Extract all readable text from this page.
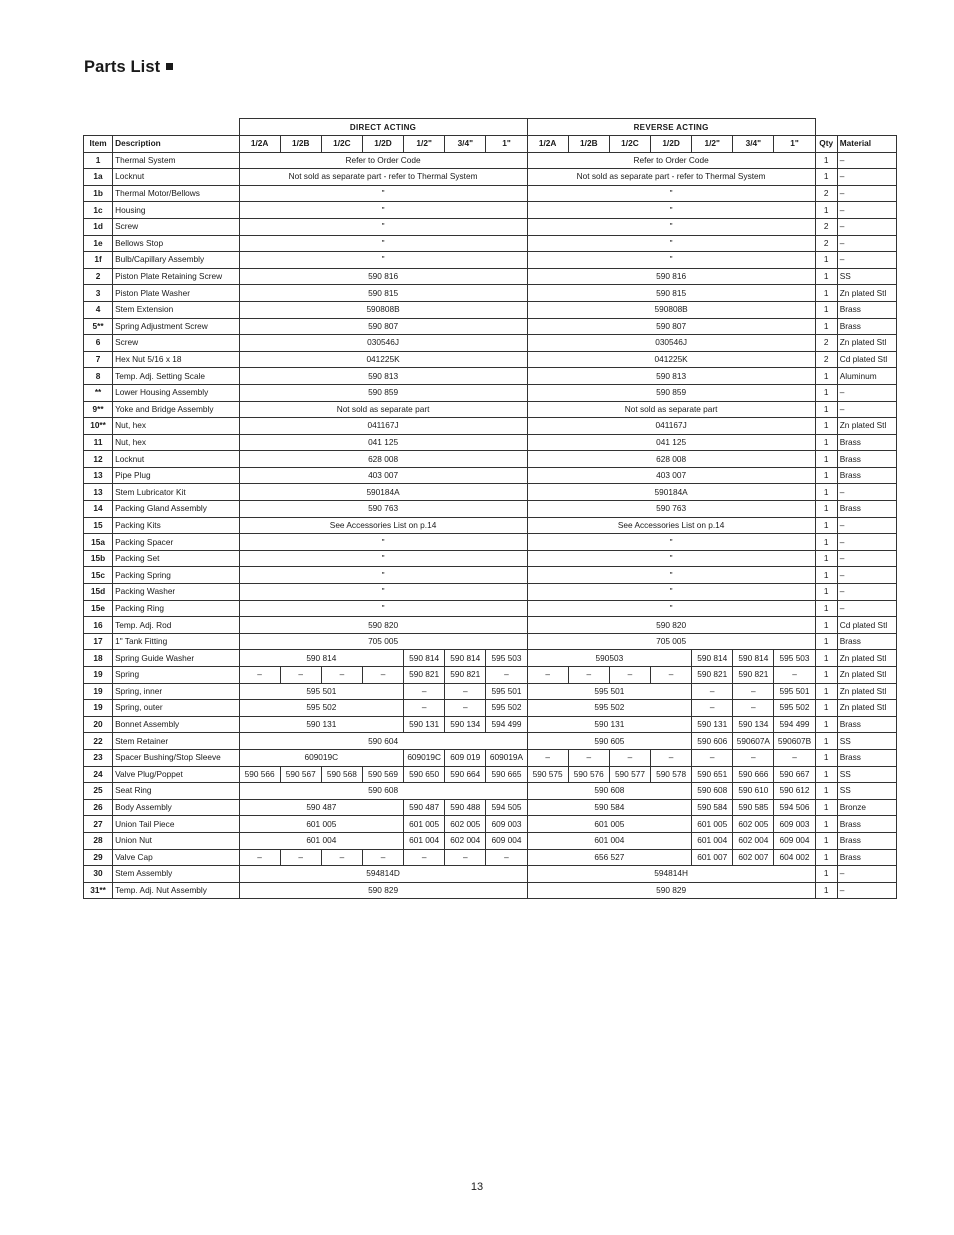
Parts List
		DIRECT ACTING							REVERSE ACTING								
Item	Description	1/2A	1/2B	1/2C	1/2D	1/2"	3/4"	1"	1/2A	1/2B	1/2C	1/2D	1/2"	3/4"	1"	Qty	Material
1	Thermal System	Refer to Order Code							Refer to Order Code							1	–
1a	Locknut	Not sold as separate part - refer to Thermal System							Not sold as separate part - refer to Thermal System							1	–
1b	Thermal Motor/Bellows	"							"							2	–
1c	Housing	"							"							1	–
1d	Screw	"							"							2	–
1e	Bellows Stop	"							"							2	–
1f	Bulb/Capillary Assembly	"							"							1	–
2	Piston Plate Retaining Screw	590 816							590 816							1	SS
3	Piston Plate Washer	590 815							590 815							1	Zn plated Stl
4	Stem Extension	590808B							590808B							1	Brass
5**	Spring Adjustment Screw	590 807							590 807							1	Brass
6	Screw	030546J							030546J							2	Zn plated Stl
7	Hex Nut 5/16 x 18	041225K							041225K							2	Cd plated Stl
8	Temp. Adj. Setting Scale	590 813							590 813							1	Aluminum
**	Lower Housing Assembly	590 859							590 859							1	–
9**	Yoke and Bridge Assembly	Not sold as separate part							Not sold as separate part							1	–
10**	Nut, hex	041167J							041167J							1	Zn plated Stl
11	Nut, hex	041 125							041 125							1	Brass
12	Locknut	628 008							628 008							1	Brass
13	Pipe Plug	403 007							403 007							1	Brass
13	Stem Lubricator Kit	590184A							590184A							1	–
14	Packing Gland Assembly	590 763							590 763							1	Brass
15	Packing Kits	See Accessories List on p.14							See Accessories List on p.14							1	–
15a	Packing Spacer	"							"							1	–
15b	Packing Set	"							"							1	–
15c	Packing Spring	"							"							1	–
15d	Packing Washer	"							"							1	–
15e	Packing Ring	"							"							1	–
16	Temp. Adj. Rod	590 820							590 820							1	Cd plated Stl
17	1" Tank Fitting	705 005							705 005							1	Brass
18	Spring Guide Washer	590 814				590 814	590 814	595 503	590503				590 814	590 814	595 503	1	Zn plated Stl
19	Spring	–	–	–	–	590 821	590 821	–	–	–	–	–	590 821	590 821	–	1	Zn plated Stl
19	Spring, inner	595 501				–	–	595 501	595 501				–	–	595 501	1	Zn plated Stl
19	Spring, outer	595 502				–	–	595 502	595 502				–	–	595 502	1	Zn plated Stl
20	Bonnet Assembly	590 131				590 131	590 134	594 499	590 131				590 131	590 134	594 499	1	Brass
22	Stem Retainer	590 604							590 605				590 606	590607A	590607B	1	SS
23	Spacer Bushing/Stop Sleeve	609019C				609019C	609 019	609019A	–	–	–	–	–	–	–	1	Brass
24	Valve Plug/Poppet	590 566	590 567	590 568	590 569	590 650	590 664	590 665	590 575	590 576	590 577	590 578	590 651	590 666	590 667	1	SS
25	Seat Ring	590 608							590 608				590 608	590 610	590 612	1	SS
26	Body Assembly	590 487				590 487	590 488	594 505	590 584				590 584	590 585	594 506	1	Bronze
27	Union Tail Piece	601 005				601 005	602 005	609 003	601 005				601 005	602 005	609 003	1	Brass
28	Union Nut	601 004				601 004	602 004	609 004	601 004				601 004	602 004	609 004	1	Brass
29	Valve Cap	–	–	–	–	–	–	–	656 527				601 007	602 007	604 002	1	Brass
30	Stem Assembly	594814D							594814H							1	–
31**	Temp. Adj. Nut Assembly	590 829							590 829							1	–
13
